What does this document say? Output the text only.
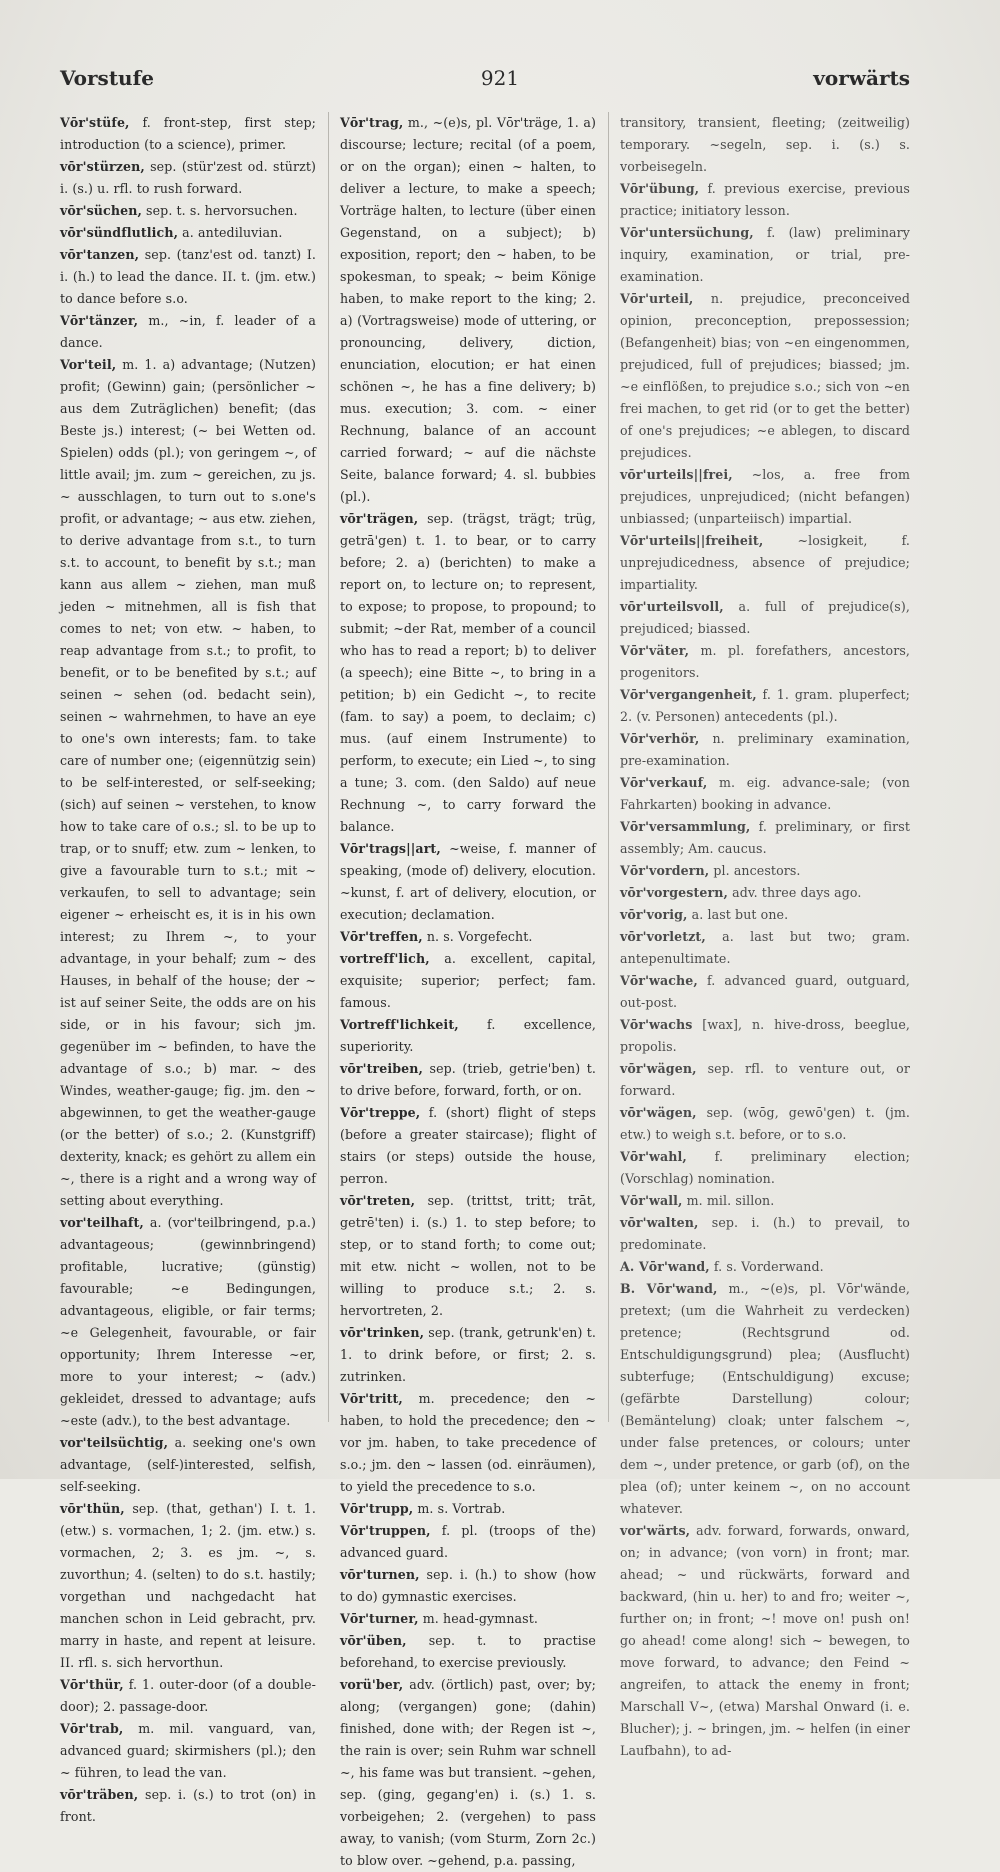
Vorstufe	921	vorwärts

Vōr'stüfe, f. front-step, first step; introduction (to a science), primer.

vōr'stürzen, sep. (stür'zest od. stürzt) i. (s.) u. rfl. to rush forward.

vōr'süchen, sep. t. s. hervorsuchen.

vōr'sündflutlich, a. antediluvian.

vōr'tanzen, sep. (tanz'est od. tanzt) I. i. (h.) to lead the dance. II. t. (jm. etw.) to dance before s.o.

Vōr'tänzer, m., ~in, f. leader of a dance.

Vor'teil, m. 1. a) advantage; (Nutzen) profit; (Gewinn) gain; (persönlicher ~ aus dem Zuträglichen) benefit; (das Beste js.) interest; (~ bei Wetten od. Spielen) odds (pl.); von geringem ~, of little avail; jm. zum ~ gereichen, zu js. ~ ausschlagen, to turn out to s.one's profit, or advantage; ~ aus etw. ziehen, to derive advantage from s.t., to turn s.t. to account, to benefit by s.t.; man kann aus allem ~ ziehen, man muß jeden ~ mitnehmen, all is fish that comes to net; von etw. ~ haben, to reap advantage from s.t.; to profit, to benefit, or to be benefited by s.t.; auf seinen ~ sehen (od. bedacht sein), seinen ~ wahrnehmen, to have an eye to one's own interests; fam. to take care of number one; (eigennützig sein) to be self-interested, or self-seeking; (sich) auf seinen ~ verstehen, to know how to take care of o.s.; sl. to be up to trap, or to snuff; etw. zum ~ lenken, to give a favourable turn to s.t.; mit ~ verkaufen, to sell to advantage; sein eigener ~ erheischt es, it is in his own interest; zu Ihrem ~, to your advantage, in your behalf; zum ~ des Hauses, in behalf of the house; der ~ ist auf seiner Seite, the odds are on his side, or in his favour; sich jm. gegenüber im ~ befinden, to have the advantage of s.o.; b) mar. ~ des Windes, weather-gauge; fig. jm. den ~ abgewinnen, to get the weather-gauge (or the better) of s.o.; 2. (Kunstgriff) dexterity, knack; es gehört zu allem ein ~, there is a right and a wrong way of setting about everything.

vor'teilhaft, a. (vor'teilbringend, p.a.) advantageous; (gewinnbringend) profitable, lucrative; (günstig) favourable; ~e Bedingungen, advantageous, eligible, or fair terms; ~e Gelegenheit, favourable, or fair opportunity; Ihrem Interesse ~er, more to your interest; ~ (adv.) gekleidet, dressed to advantage; aufs ~este (adv.), to the best advantage.

vor'teilsüchtig, a. seeking one's own advantage, (self-)interested, selfish, self-seeking.

vōr'thün, sep. (that, gethan') I. t. 1. (etw.) s. vormachen, 1; 2. (jm. etw.) s. vormachen, 2; 3. es jm. ~, s. zuvorthun; 4. (selten) to do s.t. hastily; vorgethan und nachgedacht hat manchen schon in Leid gebracht, prv. marry in haste, and repent at leisure. II. rfl. s. sich hervorthun.

Vōr'thür, f. 1. outer-door (of a double-door); 2. passage-door.

Vōr'trab, m. mil. vanguard, van, advanced guard; skirmishers (pl.); den ~ führen, to lead the van.

vōr'träben, sep. i. (s.) to trot (on) in front.

Vōr'trag, m., ~(e)s, pl. Vōr'träge, 1. a) discourse; lecture; recital (of a poem, or on the organ); einen ~ halten, to deliver a lecture, to make a speech; Vorträge halten, to lecture (über einen Gegenstand, on a subject); b) exposition, report; den ~ haben, to be spokesman, to speak; ~ beim Könige haben, to make report to the king; 2. a) (Vortragsweise) mode of uttering, or pronouncing, delivery, diction, enunciation, elocution; er hat einen schönen ~, he has a fine delivery; b) mus. execution; 3. com. ~ einer Rechnung, balance of an account carried forward; ~ auf die nächste Seite, balance forward; 4. sl. bubbies (pl.).

vōr'trägen, sep. (trägst, trägt; trüg, getrā'gen) t. 1. to bear, or to carry before; 2. a) (berichten) to make a report on, to lecture on; to represent, to expose; to propose, to propound; to submit; ~der Rat, member of a council who has to read a report; b) to deliver (a speech); eine Bitte ~, to bring in a petition; b) ein Gedicht ~, to recite (fam. to say) a poem, to declaim; c) mus. (auf einem Instrumente) to perform, to execute; ein Lied ~, to sing a tune; 3. com. (den Saldo) auf neue Rechnung ~, to carry forward the balance.

Vōr'trags||art, ~weise, f. manner of speaking, (mode of) delivery, elocution. ~kunst, f. art of delivery, elocution, or execution; declamation.

Vōr'treffen, n. s. Vorgefecht.

vortreff'lich, a. excellent, capital, exquisite; superior; perfect; fam. famous.

Vortreff'lichkeit, f. excellence, superiority.

vōr'treiben, sep. (trieb, getrie'ben) t. to drive before, forward, forth, or on.

Vōr'treppe, f. (short) flight of steps (before a greater staircase); flight of stairs (or steps) outside the house, perron.

vōr'treten, sep. (trittst, tritt; trāt, getrē'ten) i. (s.) 1. to step before; to step, or to stand forth; to come out; mit etw. nicht ~ wollen, not to be willing to produce s.t.; 2. s. hervortreten, 2.

vōr'trinken, sep. (trank, getrunk'en) t. 1. to drink before, or first; 2. s. zutrinken.

Vōr'tritt, m. precedence; den ~ haben, to hold the precedence; den ~ vor jm. haben, to take precedence of s.o.; jm. den ~ lassen (od. einräumen), to yield the precedence to s.o.

Vōr'trupp, m. s. Vortrab.

Vōr'truppen, f. pl. (troops of the) advanced guard.

vōr'turnen, sep. i. (h.) to show (how to do) gymnastic exercises.

Vōr'turner, m. head-gymnast.

vōr'üben, sep. t. to practise beforehand, to exercise previously.

vorü'ber, adv. (örtlich) past, over; by; along; (vergangen) gone; (dahin) finished, done with; der Regen ist ~, the rain is over; sein Ruhm war schnell ~, his fame was but transient. ~gehen, sep. (ging, gegang'en) i. (s.) 1. s. vorbeigehen; 2. (vergehen) to pass away, to vanish; (vom Sturm, Zorn 2c.) to blow over. ~gehend, p.a. passing,

transitory, transient, fleeting; (zeitweilig) temporary. ~segeln, sep. i. (s.) s. vorbeisegeln.

Vōr'übung, f. previous exercise, previous practice; initiatory lesson.

Vōr'untersüchung, f. (law) preliminary inquiry, examination, or trial, pre-examination.

Vōr'urteil, n. prejudice, preconceived opinion, preconception, prepossession; (Befangenheit) bias; von ~en eingenommen, prejudiced, full of prejudices; biassed; jm. ~e einflößen, to prejudice s.o.; sich von ~en frei machen, to get rid (or to get the better) of one's prejudices; ~e ablegen, to discard prejudices.

vōr'urteils||frei, ~los, a. free from prejudices, unprejudiced; (nicht befangen) unbiassed; (unparteiisch) impartial.

Vōr'urteils||freiheit, ~losigkeit, f. unprejudicedness, absence of prejudice; impartiality.

vōr'urteilsvoll, a. full of prejudice(s), prejudiced; biassed.

Vōr'väter, m. pl. forefathers, ancestors, progenitors.

Vōr'vergangenheit, f. 1. gram. pluperfect; 2. (v. Personen) antecedents (pl.).

Vōr'verhör, n. preliminary examination, pre-examination.

Vōr'verkauf, m. eig. advance-sale; (von Fahrkarten) booking in advance.

Vōr'versammlung, f. preliminary, or first assembly; Am. caucus.

Vōr'vordern, pl. ancestors.

vōr'vorgestern, adv. three days ago.

vōr'vorig, a. last but one.

vōr'vorletzt, a. last but two; gram. antepenultimate.

Vōr'wache, f. advanced guard, outguard, out-post.

Vōr'wachs [wax], n. hive-dross, beeglue, propolis.

vōr'wägen, sep. rfl. to venture out, or forward.

vōr'wägen, sep. (wōg, gewō'gen) t. (jm. etw.) to weigh s.t. before, or to s.o.

Vōr'wahl, f. preliminary election; (Vorschlag) nomination.

Vōr'wall, m. mil. sillon.

vōr'walten, sep. i. (h.) to prevail, to predominate.

A. Vōr'wand, f. s. Vorderwand.

B. Vōr'wand, m., ~(e)s, pl. Vōr'wände, pretext; (um die Wahrheit zu verdecken) pretence; (Rechtsgrund od. Entschuldigungsgrund) plea; (Ausflucht) subterfuge; (Entschuldigung) excuse; (gefärbte Darstellung) colour; (Bemäntelung) cloak; unter falschem ~, under false pretences, or colours; unter dem ~, under pretence, or garb (of), on the plea (of); unter keinem ~, on no account whatever.

vor'wärts, adv. forward, forwards, onward, on; in advance; (von vorn) in front; mar. ahead; ~ und rückwärts, forward and backward, (hin u. her) to and fro; weiter ~, further on; in front; ~! move on! push on! go ahead! come along! sich ~ bewegen, to move forward, to advance; den Feind ~ angreifen, to attack the enemy in front; Marschall V~, (etwa) Marshal Onward (i. e. Blucher); j. ~ bringen, jm. ~ helfen (in einer Laufbahn), to ad-
